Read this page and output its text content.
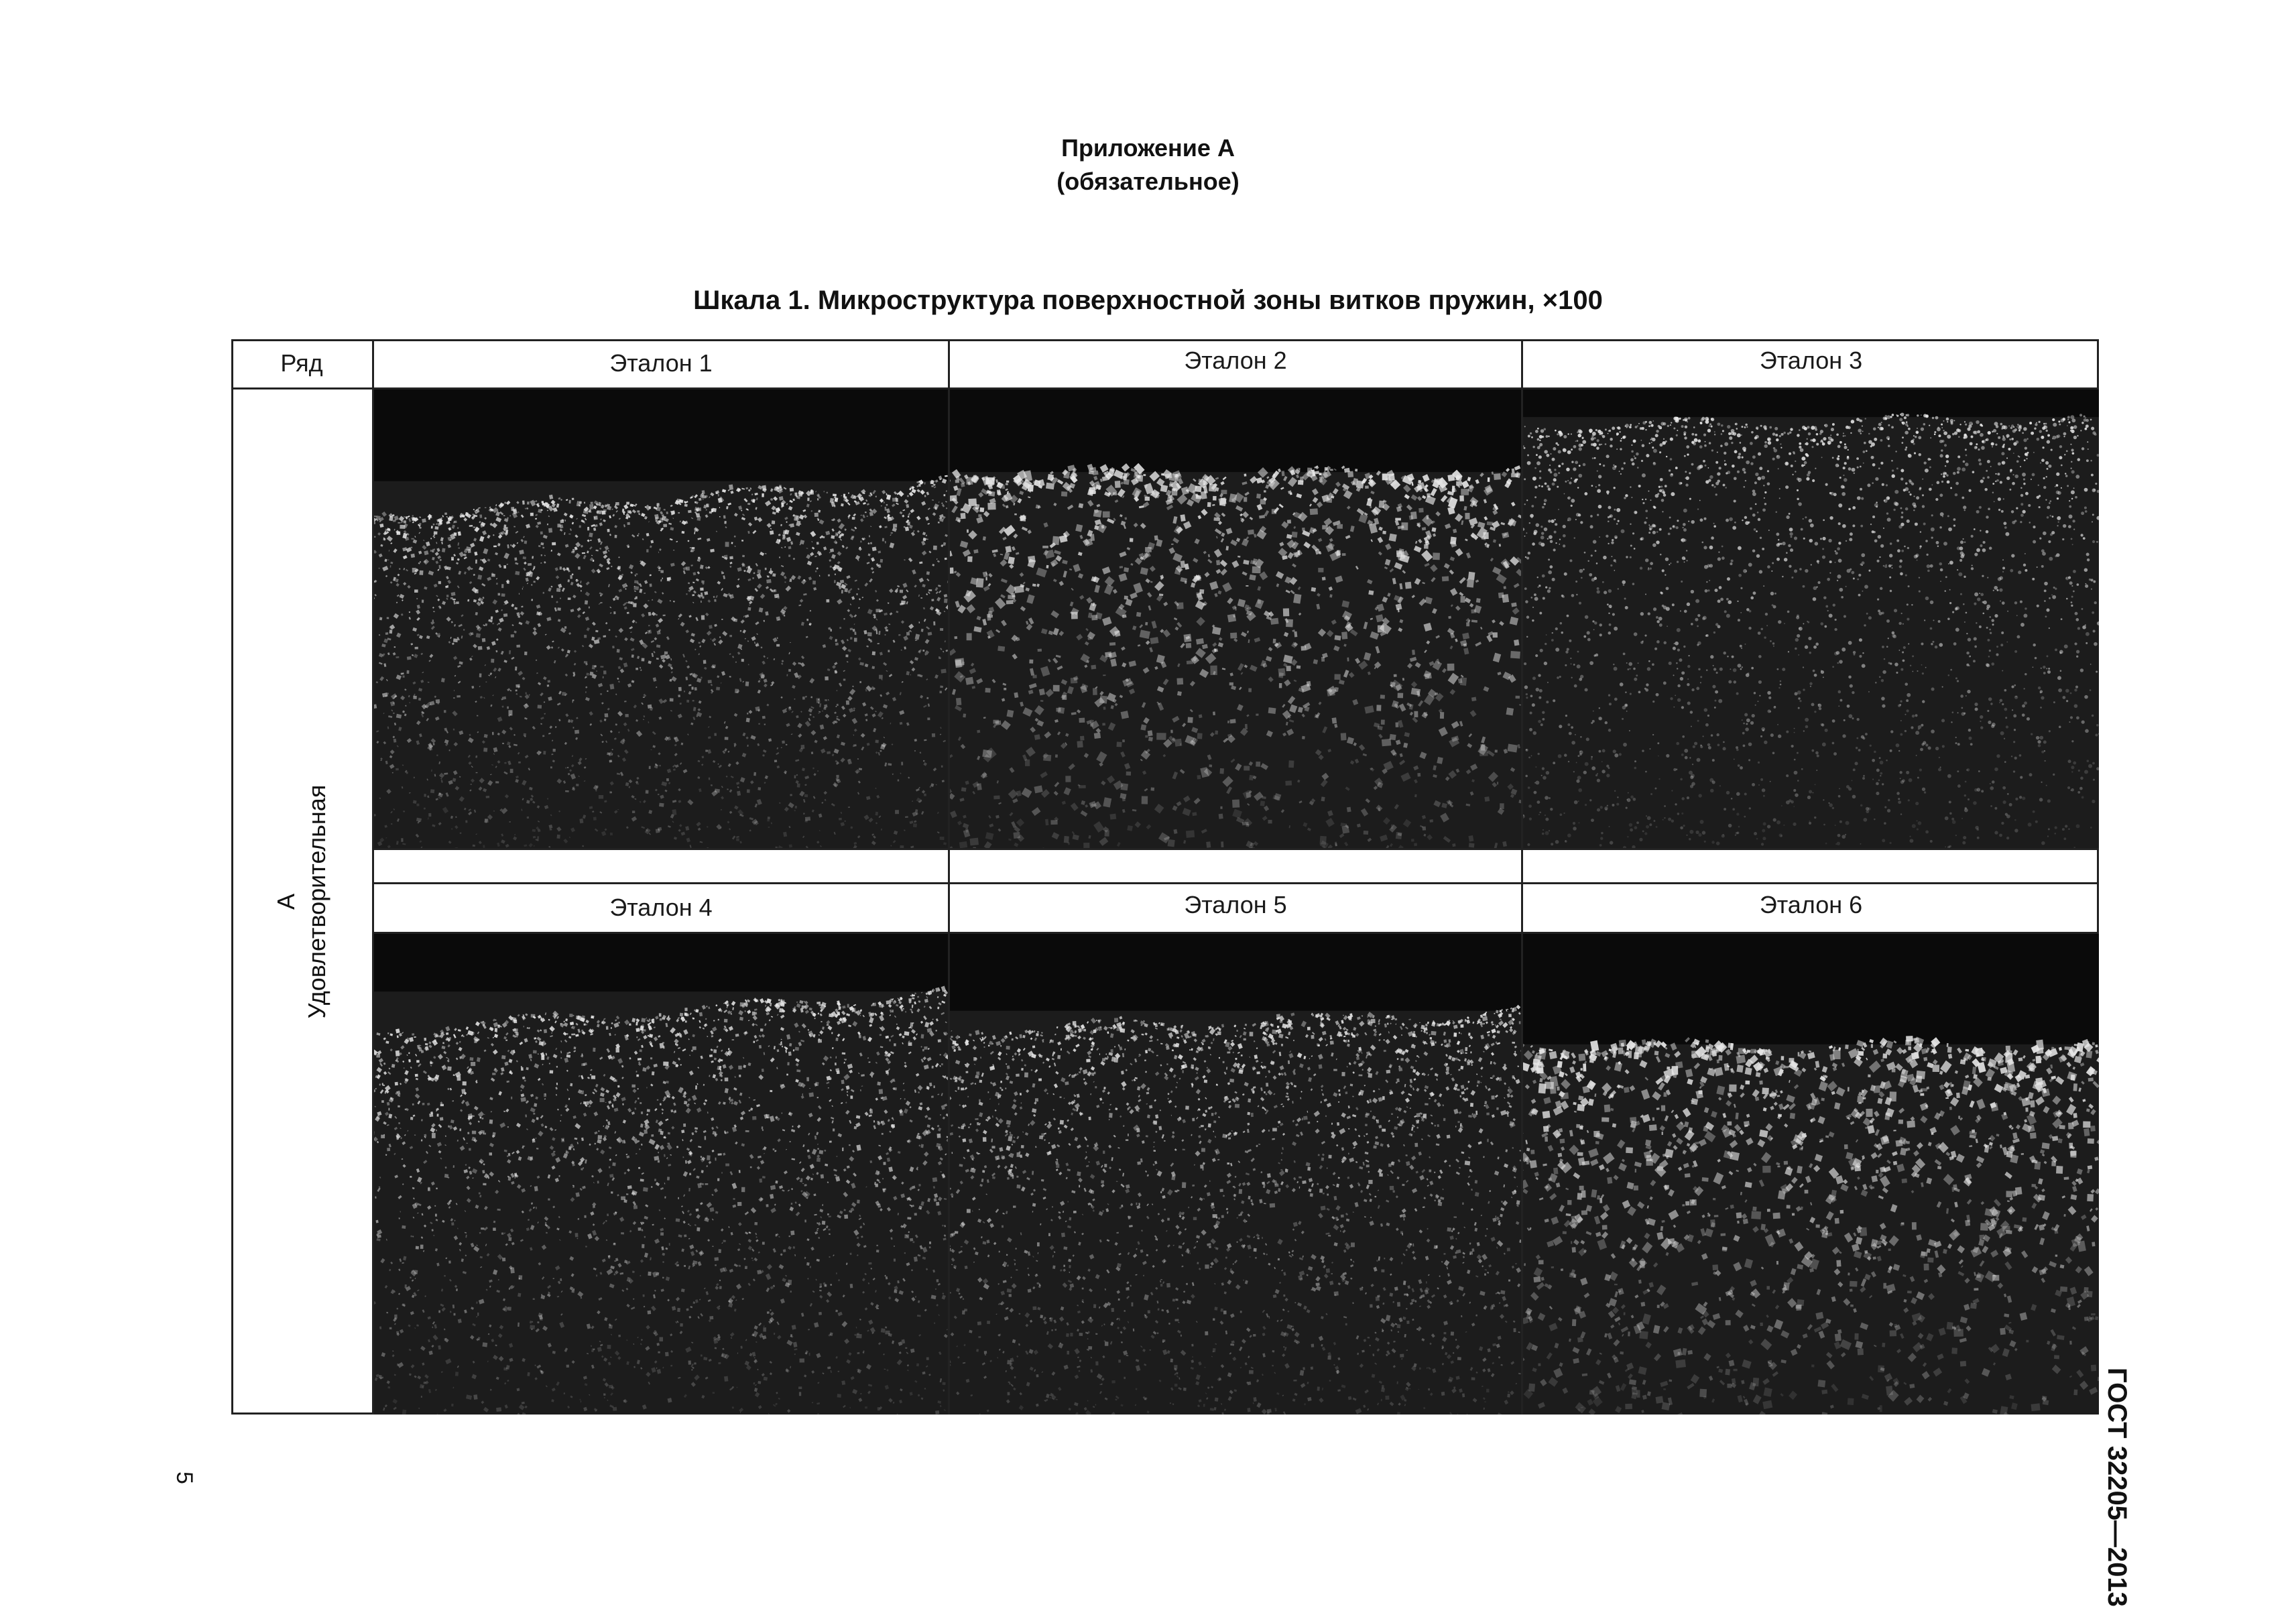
Приложение А
(обязательное)
Шкала 1. Микроструктура поверхностной зоны витков пружин, ×100
Ряд	Эталон 1	Эталон 2	Эталон 3
Эталон 4	Эталон 5	Эталон 6
А Удовлетворительная
5	ГОСТ 32205—2013
